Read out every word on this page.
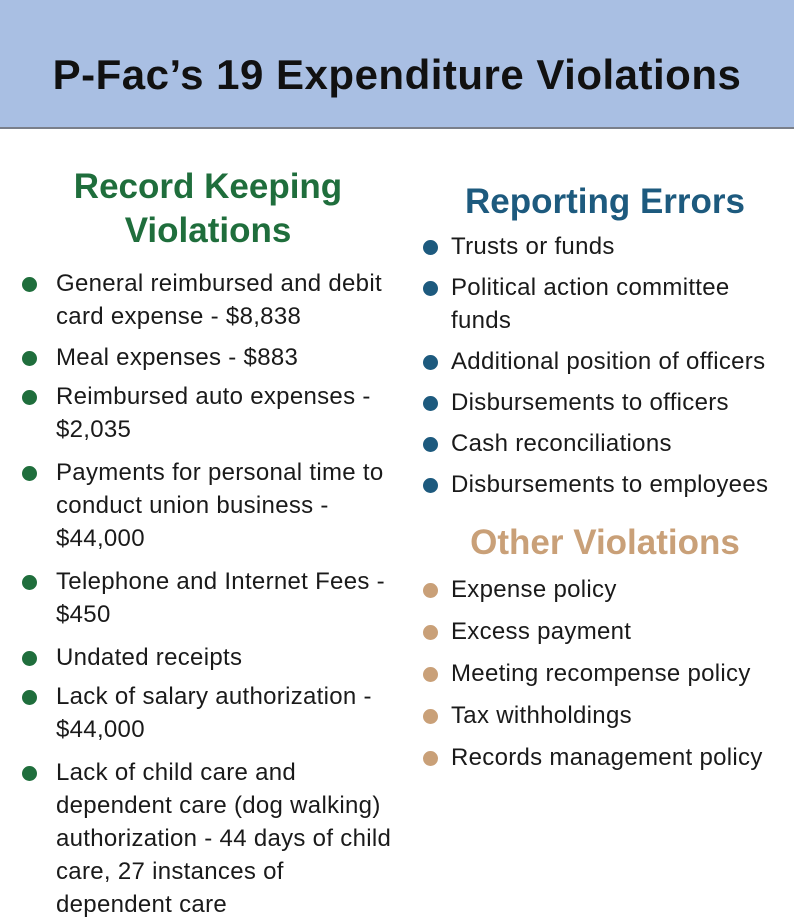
P-Fac’s 19 Expenditure Violations
Record Keeping
Violations
General reimbursed and debit card expense - $8,838
Meal expenses - $883
Reimbursed auto expenses - $2,035
Payments for personal time to conduct union business - $44,000
Telephone and Internet Fees - $450
Undated receipts
Lack of salary authorization - $44,000
Lack of child care and dependent care (dog walking) authorization - 44 days of child care, 27 instances of dependent care
Reporting Errors
Trusts or funds
Political action committee funds
Additional position of officers
Disbursements to officers
Cash reconciliations
Disbursements to employees
Other Violations
Expense policy
Excess payment
Meeting recompense policy
Tax withholdings
Records management policy
